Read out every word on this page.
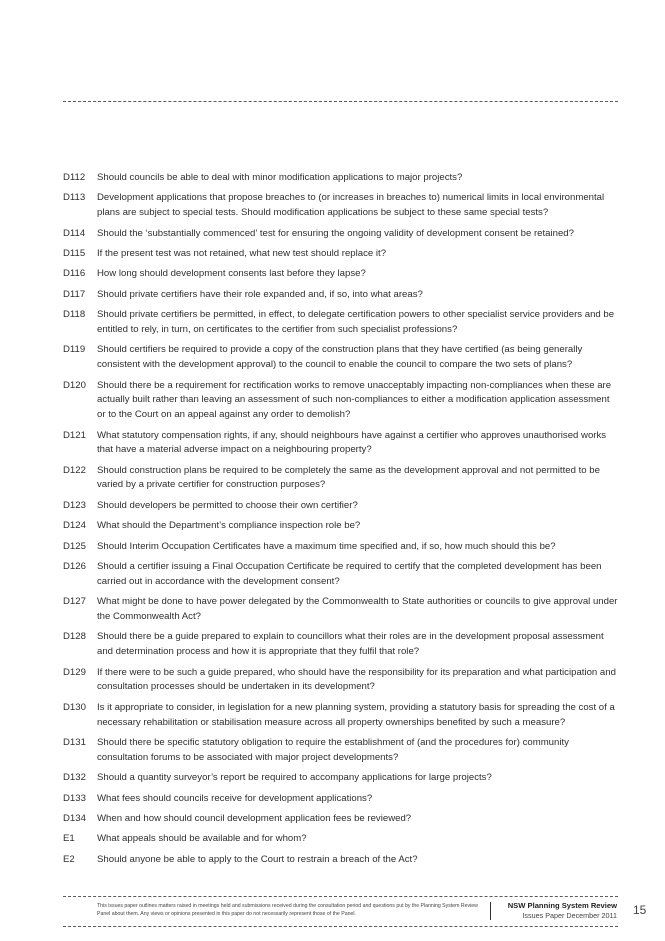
D112	Should councils be able to deal with minor modification applications to major projects?
D113	Development applications that propose breaches to (or increases in breaches to) numerical limits in local environmental plans are subject to special tests. Should modification applications be subject to these same special tests?
D114	Should the ‘substantially commenced’ test for ensuring the ongoing validity of development consent be retained?
D115	If the present test was not retained, what new test should replace it?
D116	How long should development consents last before they lapse?
D117	Should private certifiers have their role expanded and, if so, into what areas?
D118	Should private certifiers be permitted, in effect, to delegate certification powers to other specialist service providers and be entitled to rely, in turn, on certificates to the certifier from such specialist professions?
D119	Should certifiers be required to provide a copy of the construction plans that they have certified (as being generally consistent with the development approval) to the council to enable the council to compare the two sets of plans?
D120	Should there be a requirement for rectification works to remove unacceptably impacting non-compliances when these are actually built rather than leaving an assessment of such non-compliances to either a modification application assessment or to the Court on an appeal against any order to demolish?
D121	What statutory compensation rights, if any, should neighbours have against a certifier who approves unauthorised works that have a material adverse impact on a neighbouring property?
D122	Should construction plans be required to be completely the same as the development approval and not permitted to be varied by a private certifier for construction purposes?
D123	Should developers be permitted to choose their own certifier?
D124	What should the Department’s compliance inspection role be?
D125	Should Interim Occupation Certificates have a maximum time specified and, if so, how much should this be?
D126	Should a certifier issuing a Final Occupation Certificate be required to certify that the completed development has been carried out in accordance with the development consent?
D127	What might be done to have power delegated by the Commonwealth to State authorities or councils to give approval under the Commonwealth Act?
D128	Should there be a guide prepared to explain to councillors what their roles are in the development proposal assessment and determination process and how it is appropriate that they fulfil that role?
D129	If there were to be such a guide prepared, who should have the responsibility for its preparation and what participation and consultation processes should be undertaken in its development?
D130	Is it appropriate to consider, in legislation for a new planning system, providing a statutory basis for spreading the cost of a necessary rehabilitation or stabilisation measure across all property ownerships benefited by such a measure?
D131	Should there be specific statutory obligation to require the establishment of (and the procedures for) community consultation forums to be associated with major project developments?
D132	Should a quantity surveyor’s report be required to accompany applications for large projects?
D133	What fees should councils receive for development applications?
D134	When and how should council development application fees be reviewed?
E1	What appeals should be available and for whom?
E2	Should anyone be able to apply to the Court to restrain a breach of the Act?
This issues paper outlines matters raised in meetings held and submissions received during the consultation period and questions put by the Planning System Review Panel about them. Any views or opinions presented in this paper do not necessarily represent those of the Panel.
NSW Planning System Review
Issues Paper December 2011 15
